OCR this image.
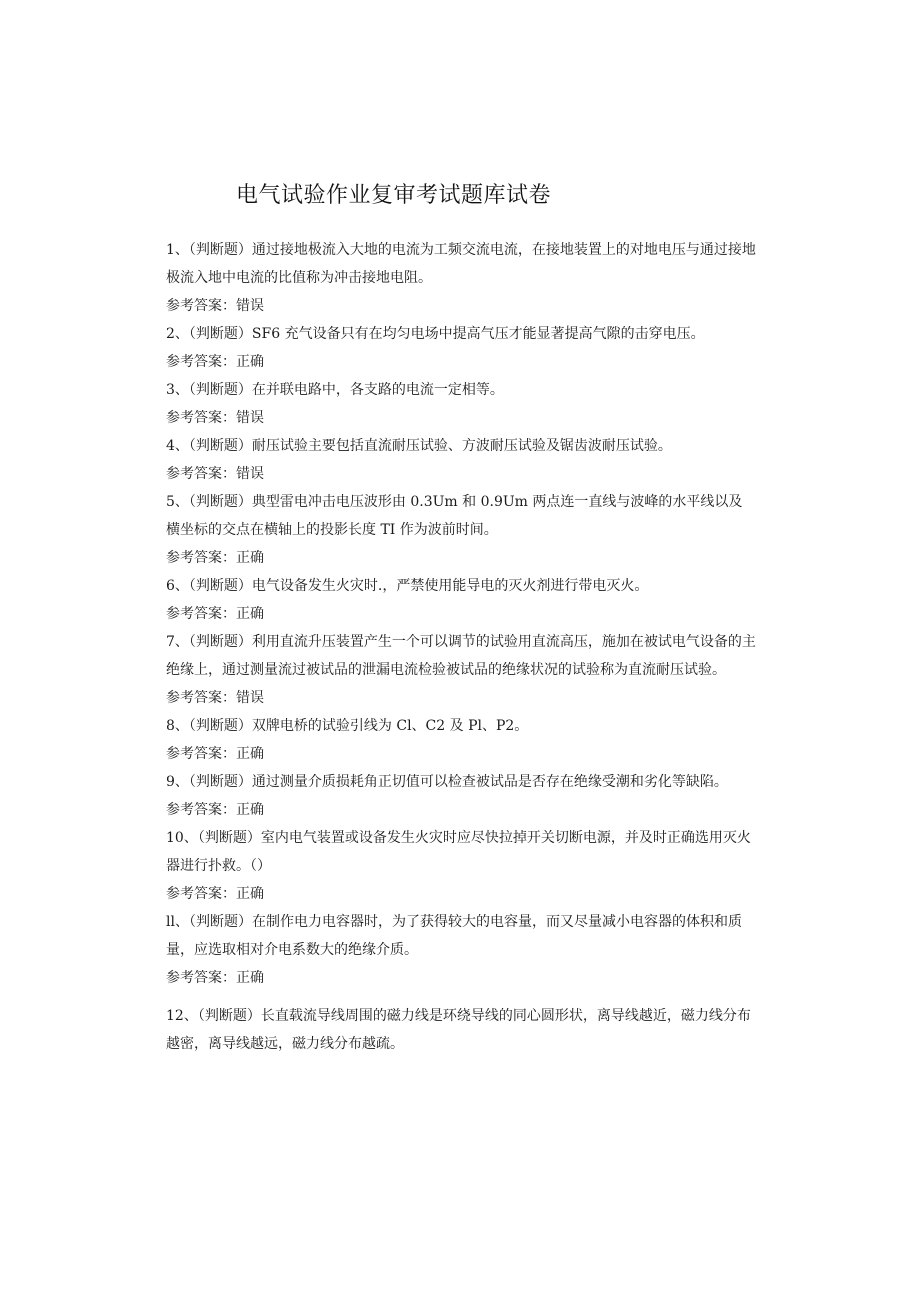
电气试验作业复审考试题库试卷

1、（判断题）通过接地极流入大地的电流为工频交流电流，在接地装置上的对地电压与通过接地极流入地中电流的比值称为冲击接地电阻。

参考答案：错误

2、（判断题）SF6 充气设备只有在均匀电场中提高气压才能显著提高气隙的击穿电压。

参考答案：正确

3、（判断题）在并联电路中，各支路的电流一定相等。

参考答案：错误

4、（判断题）耐压试验主要包括直流耐压试验、方波耐压试验及锯齿波耐压试验。

参考答案：错误

5、（判断题）典型雷电冲击电压波形由 0.3Um 和 0.9Um 两点连一直线与波峰的水平线以及横坐标的交点在横轴上的投影长度 TI 作为波前时间。

参考答案：正确

6、（判断题）电气设备发生火灾时.，严禁使用能导电的灭火剂进行带电灭火。

参考答案：正确

7、（判断题）利用直流升压装置产生一个可以调节的试验用直流高压，施加在被试电气设备的主绝缘上，通过测量流过被试品的泄漏电流检验被试品的绝缘状况的试验称为直流耐压试验。

参考答案：错误

8、（判断题）双牌电桥的试验引线为 Cl、C2 及 Pl、P2。

参考答案：正确

9、（判断题）通过测量介质损耗角正切值可以检查被试品是否存在绝缘受潮和劣化等缺陷。

参考答案：正确

10、（判断题）室内电气装置或设备发生火灾时应尽快拉掉开关切断电源，并及时正确选用灭火器进行扑救。（）

参考答案：正确

ll、（判断题）在制作电力电容器时，为了获得较大的电容量，而又尽量减小电容器的体积和质量，应选取相对介电系数大的绝缘介质。

参考答案：正确

12、（判断题）长直载流导线周围的磁力线是环绕导线的同心圆形状，离导线越近，磁力线分布越密，离导线越远，磁力线分布越疏。
